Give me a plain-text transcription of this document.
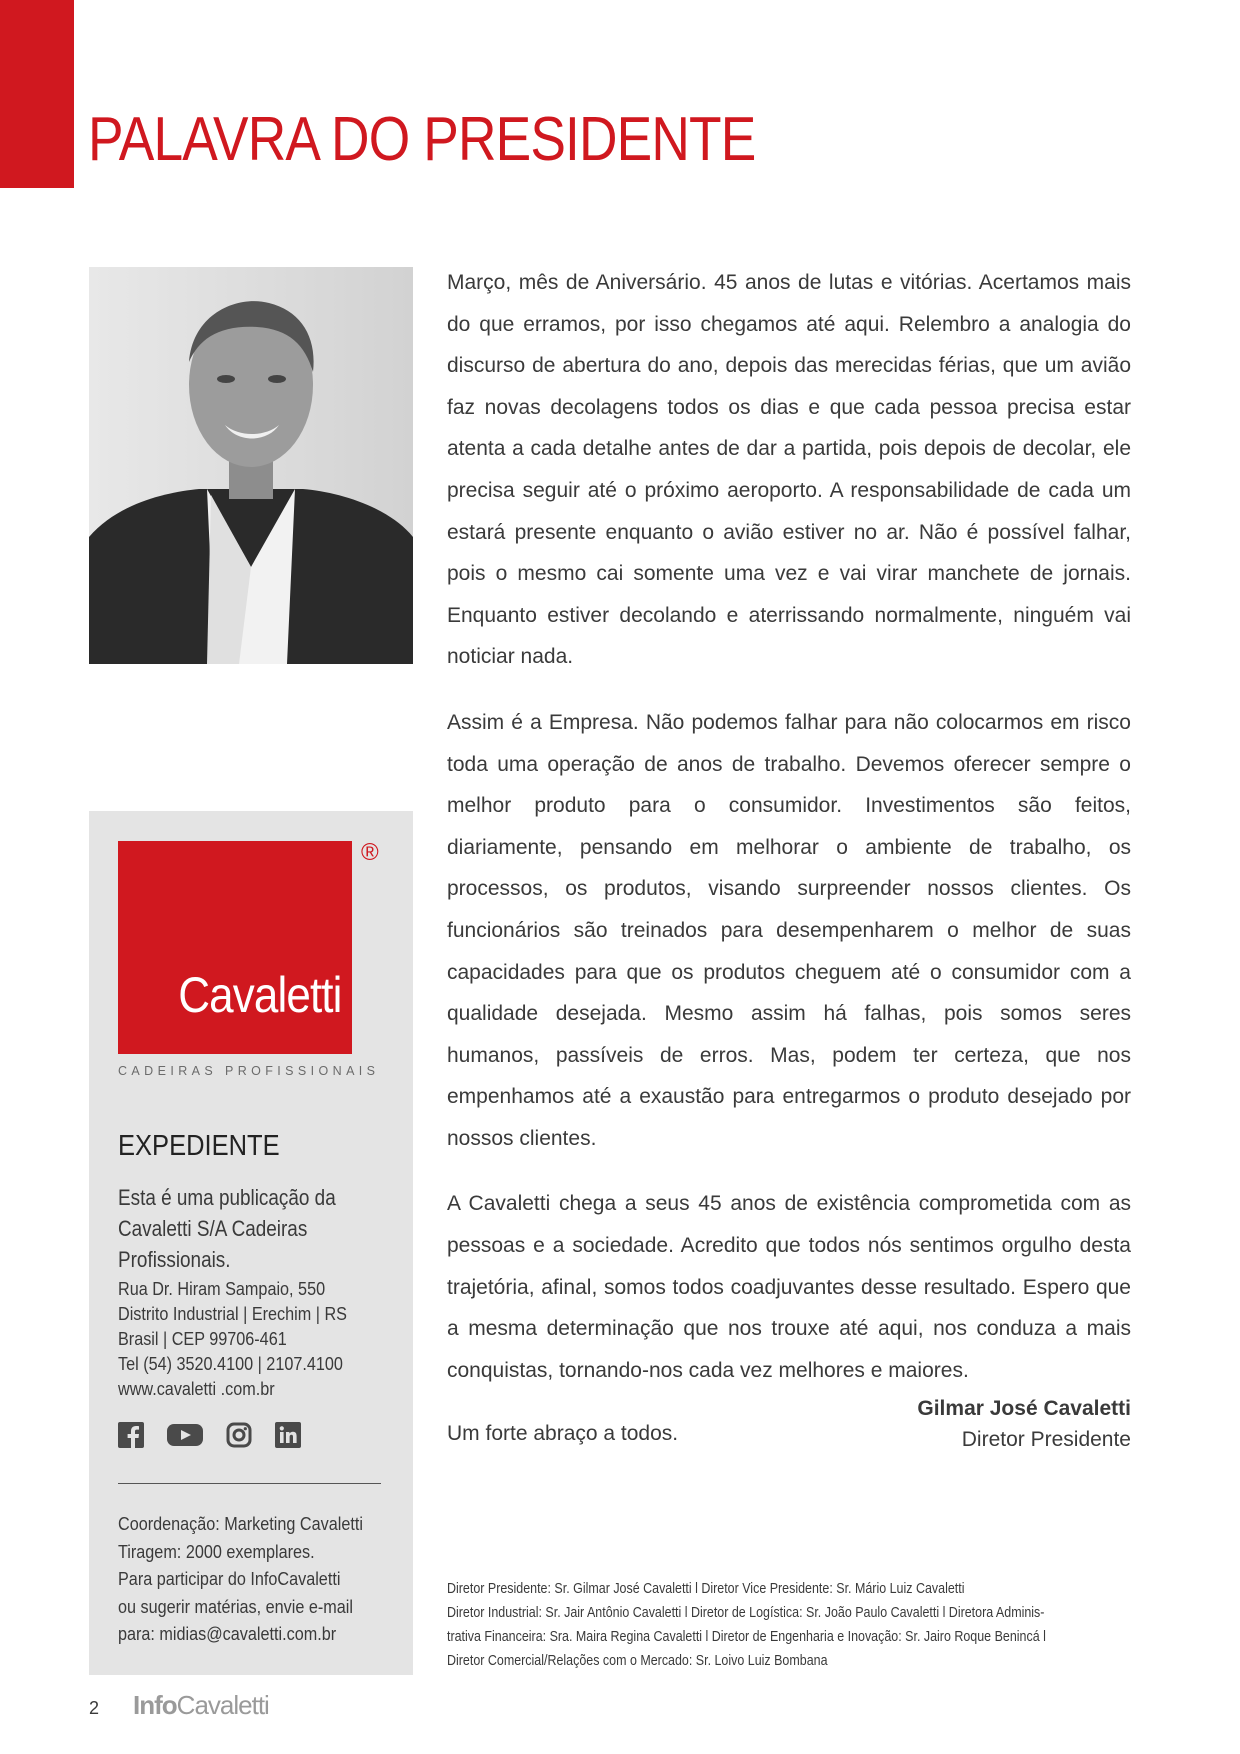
PALAVRA DO PRESIDENTE

Março, mês de Aniversário. 45 anos de lutas e vitórias. Acertamos mais do que erramos, por isso chegamos até aqui. Relembro a analogia do discurso de abertura do ano, depois das merecidas férias, que um avião faz novas decolagens todos os dias e que cada pessoa precisa estar atenta a cada detalhe antes de dar a partida, pois depois de decolar, ele precisa seguir até o próximo aeroporto. A responsabilidade de cada um estará presente enquanto o avião estiver no ar. Não é possível falhar, pois o mesmo cai somente uma vez e vai virar manchete de jornais. Enquanto estiver decolando e aterrissando normalmente, ninguém vai noticiar nada.

Assim é a Empresa. Não podemos falhar para não colocarmos em risco toda uma operação de anos de trabalho. Devemos oferecer sempre o melhor produto para o consumidor. Investimentos são feitos, diariamente, pensando em melhorar o ambiente de trabalho, os processos, os produtos, visando surpreender nossos clientes. Os funcionários são treinados para desempenharem o melhor de suas capacidades para que os produtos cheguem até o consumidor com a qualidade desejada. Mesmo assim há falhas, pois somos seres humanos, passíveis de erros. Mas, podem ter certeza, que nos empenhamos até a exaustão para entregarmos o produto desejado por nossos clientes.

A Cavaletti chega a seus 45 anos de existência comprometida com as pessoas e a sociedade. Acredito que todos nós sentimos orgulho desta trajetória, afinal, somos todos coadjuvantes desse resultado. Espero que a mesma determinação que nos trouxe até aqui, nos conduza a mais conquistas, tornando-nos cada vez melhores e maiores.

Um forte abraço a todos.

Gilmar José Cavaletti
Diretor Presidente
Cavaletti
®
CADEIRAS PROFISSIONAIS
EXPEDIENTE
Esta é uma publicação da
Cavaletti S/A Cadeiras
Profissionais.
Rua Dr. Hiram Sampaio, 550
Distrito Industrial | Erechim | RS
Brasil | CEP 99706-461
Tel (54) 3520.4100 | 2107.4100
www.cavaletti .com.br
Coordenação: Marketing Cavaletti
Tiragem: 2000 exemplares.
Para participar do InfoCavaletti
ou sugerir matérias, envie e-mail
para: midias@cavaletti.com.br
Diretor Presidente: Sr. Gilmar José Cavaletti l Diretor Vice Presidente: Sr. Mário Luiz Cavaletti
Diretor Industrial: Sr. Jair Antônio Cavaletti l Diretor de Logística: Sr. João Paulo Cavaletti l Diretora Adminis-
trativa Financeira: Sra. Maira Regina Cavaletti l Diretor de Engenharia e Inovação: Sr. Jairo Roque Benincá l
Diretor Comercial/Relações com o Mercado: Sr. Loivo Luiz Bombana
2 Info Cavaletti
